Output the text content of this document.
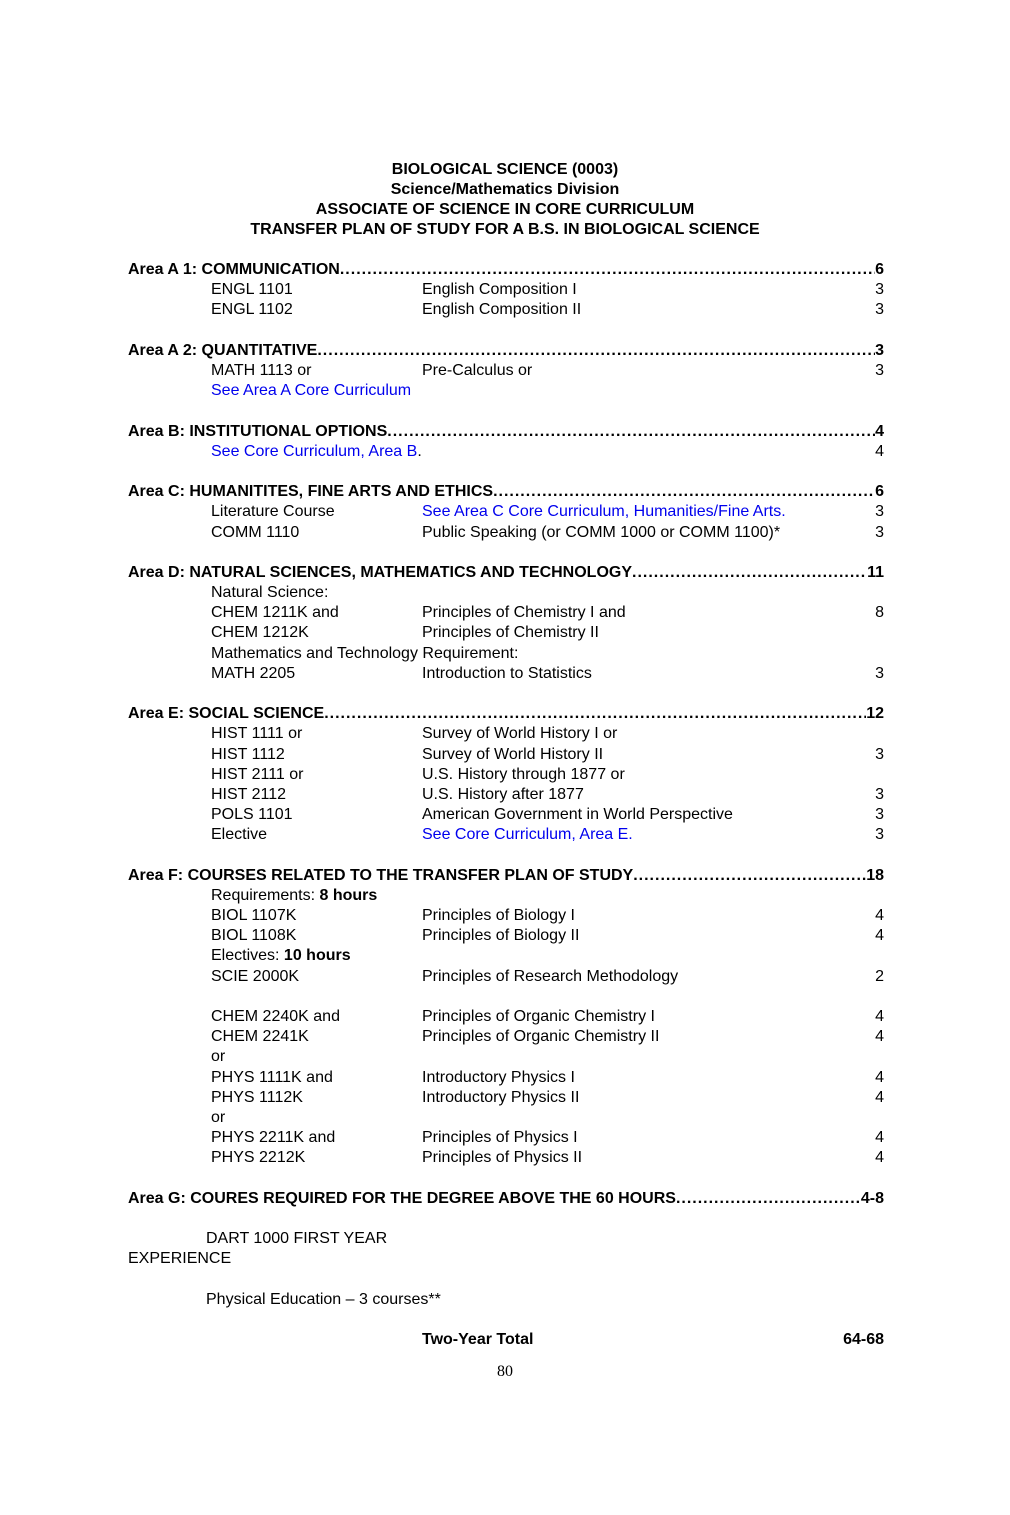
BIOLOGICAL SCIENCE (0003)
Science/Mathematics Division
ASSOCIATE OF SCIENCE IN CORE CURRICULUM
TRANSFER PLAN OF STUDY FOR A B.S. IN BIOLOGICAL SCIENCE
Area A 1: COMMUNICATION .....	6
ENGL 1101	English Composition I	3
ENGL 1102	English Composition II	3
Area A 2: QUANTITATIVE .....	3
MATH 1113 or	Pre-Calculus or	3
See Area A Core Curriculum
Area B: INSTITUTIONAL OPTIONS .....	4
See Core Curriculum, Area B.	4
Area C: HUMANITITES, FINE ARTS AND ETHICS .....	6
Literature Course	See Area C Core Curriculum, Humanities/Fine Arts.	3
COMM 1110	Public Speaking (or COMM 1000 or COMM 1100)*	3
Area D: NATURAL SCIENCES, MATHEMATICS AND TECHNOLOGY .....	11
Natural Science:
CHEM 1211K and	Principles of Chemistry I and	8
CHEM 1212K	Principles of Chemistry II
Mathematics and Technology Requirement:
MATH 2205	Introduction to Statistics	3
Area E: SOCIAL SCIENCE .....	12
HIST 1111 or	Survey of World History I or
HIST 1112	Survey of World History II	3
HIST 2111 or	U.S. History through 1877 or
HIST 2112	U.S. History after 1877	3
POLS 1101	American Government in World Perspective	3
Elective	See Core Curriculum, Area E.	3
Area F: COURSES RELATED TO THE TRANSFER PLAN OF STUDY .....	18
Requirements: 8 hours
BIOL 1107K	Principles of Biology I	4
BIOL 1108K	Principles of Biology II	4
Electives: 10 hours
SCIE 2000K	Principles of Research Methodology	2
CHEM 2240K and	Principles of Organic Chemistry I	4
CHEM 2241K	Principles of Organic Chemistry II	4
or
PHYS 1111K and	Introductory Physics I	4
PHYS 1112K	Introductory Physics II	4
or
PHYS 2211K and	Principles of Physics I	4
PHYS 2212K	Principles of Physics II	4
Area G: COURES REQUIRED FOR THE DEGREE ABOVE THE 60 HOURS .....	4-8
DART 1000 FIRST YEAR
EXPERIENCE
Physical Education – 3 courses**
Two-Year Total	64-68
80
